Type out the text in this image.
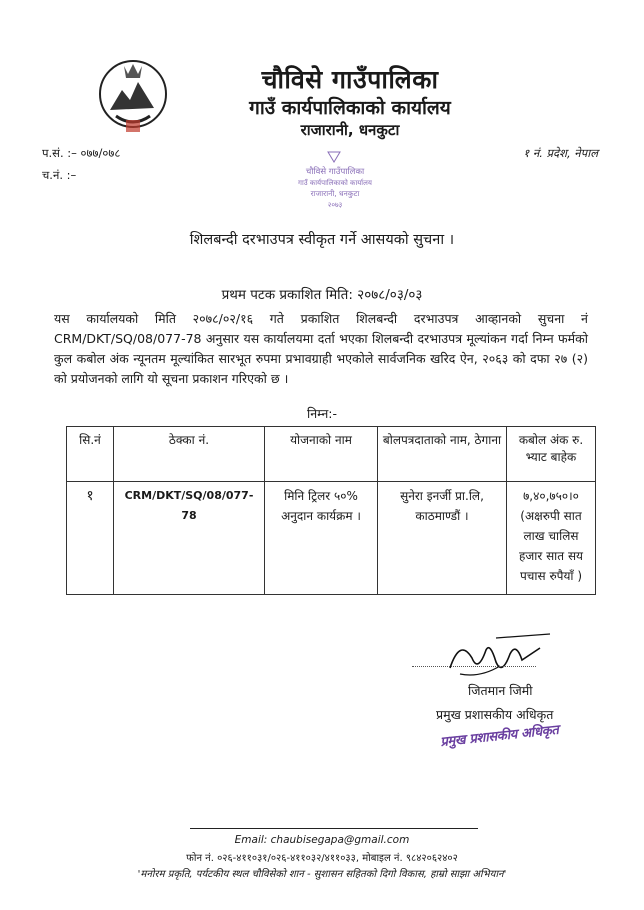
चौविसे गाउँपालिका
गाउँ कार्यपालिकाको कार्यालय
राजारानी, धनकुटा
प.सं. :– ०७७/०७८
च.नं. :–
१ नं. प्रदेश, नेपाल
चौविसे गाउँपालिका
गाउँ कार्यपालिकाको कार्यालय
राजारानी, धनकुटा
२०७३
शिलबन्दी दरभाउपत्र स्वीकृत गर्ने आसयको सुचना ।
प्रथम पटक प्रकाशित मिति: २०७८/०३/०३
यस कार्यालयको मिति २०७८/०२/१६ गते प्रकाशित शिलबन्दी दरभाउपत्र आव्हानको सुचना नं CRM/DKT/SQ/08/077-78 अनुसार यस कार्यालयमा दर्ता भएका शिलबन्दी दरभाउपत्र मूल्यांकन गर्दा निम्न फर्मको कुल कबोल अंक न्यूनतम मूल्यांकित सारभूत रुपमा प्रभावग्राही भएकोले सार्वजनिक खरिद ऐन, २०६३ को दफा २७ (२) को प्रयोजनको लागि यो सूचना प्रकाशन गरिएको छ ।
निम्न:-
सि.नं	ठेक्का नं.	योजनाको नाम	बोलपत्रदाताको नाम, ठेगाना	कबोल अंक रु. भ्याट बाहेक
१	CRM/DKT/SQ/08/077-78	मिनि ट्रिलर ५०% अनुदान कार्यक्रम ।	सुनेरा इनर्जी प्रा.लि, काठमाण्डौं ।	७,४०,७५०।०
(अक्षरुपी सात लाख चालिस हजार सात सय पचास रुपैयाँ )
जितमान जिमी
प्रमुख प्रशासकीय अधिकृत
प्रमुख प्रशासकीय अधिकृत
Email: chaubisegapa@gmail.com
फोन नं. ०२६-४११०३१/०२६-४११०३२/४११०३३, मोबाइल नं. ९८४२०६२४०२
'मनोरम प्रकृति, पर्यटकीय स्थल चौविसेको शान - सुशासन सहितको दिगो विकास, हाम्रो साझा अभियान'
